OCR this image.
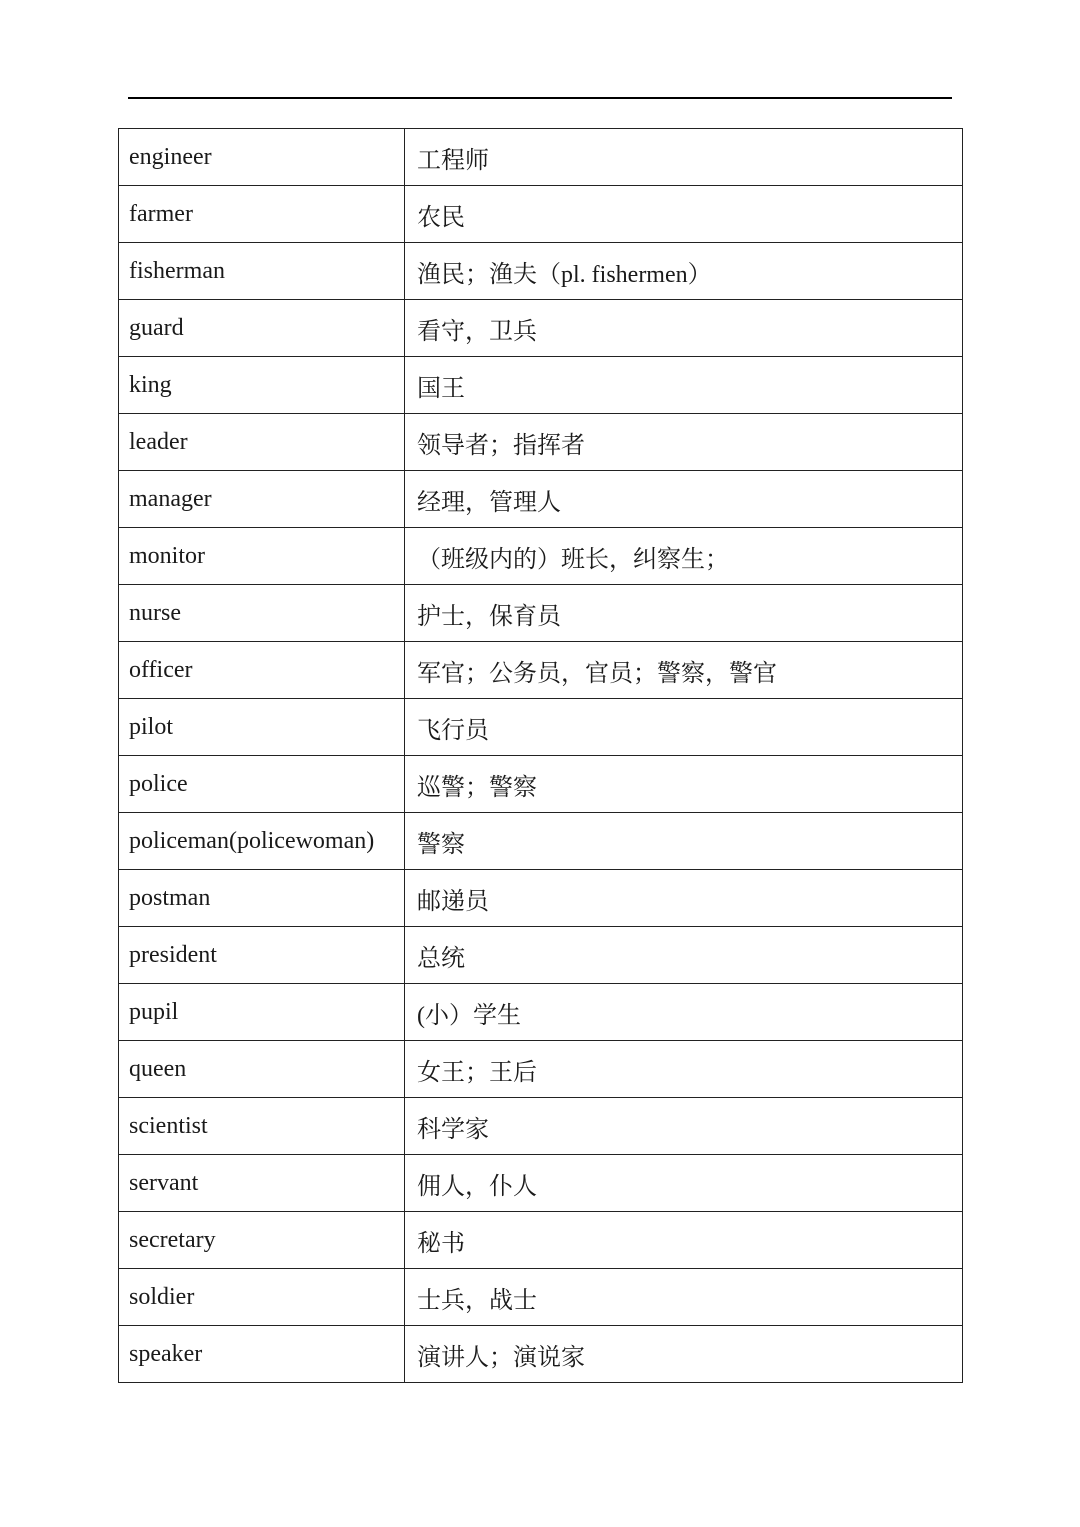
engineer	工程师
farmer	农民
fisherman	渔民；渔夫（pl. fishermen）
guard	看守，卫兵
king	国王
leader	领导者；指挥者
manager	经理，管理人
monitor	（班级内的）班长，纠察生；
nurse	护士，保育员
officer	军官；公务员，官员；警察，警官
pilot	飞行员
police	巡警；警察
policeman(policewoman)	警察
postman	邮递员
president	总统
pupil	(小）学生
queen	女王；王后
scientist	科学家
servant	佣人，仆人
secretary	秘书
soldier	士兵，战士
speaker	演讲人；演说家
